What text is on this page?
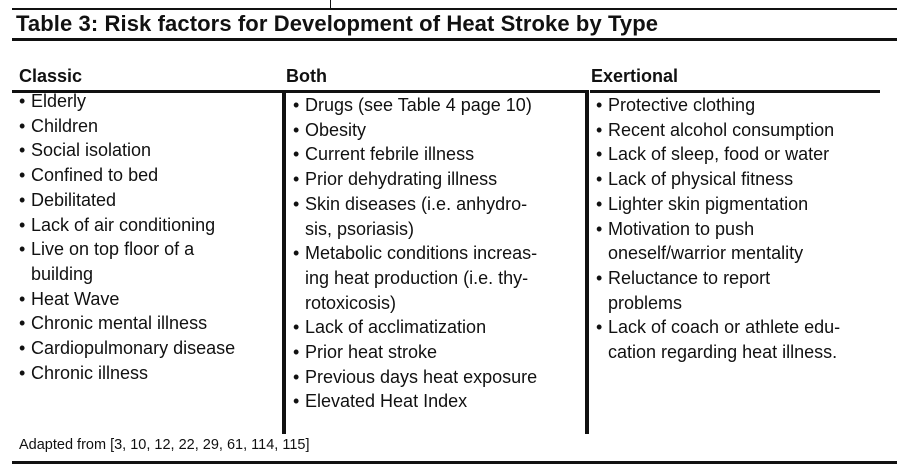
Table 3: Risk factors for Development of Heat Stroke by Type
Classic	Both	Exertional
• Elderly
• Children
• Social isolation
• Confined to bed
• Debilitated
• Lack of air conditioning
• Live on top floor of a
building
• Heat Wave
• Chronic mental illness
• Cardiopulmonary disease
• Chronic illness
• Drugs (see Table 4 page 10)
• Obesity
• Current febrile illness
• Prior dehydrating illness
• Skin diseases (i.e. anhydro-
sis, psoriasis)
• Metabolic conditions increas-
ing heat production (i.e. thy-
rotoxicosis)
• Lack of acclimatization
• Prior heat stroke
• Previous days heat exposure
• Elevated Heat Index
• Protective clothing
• Recent alcohol consumption
• Lack of sleep, food or water
• Lack of physical fitness
• Lighter skin pigmentation
• Motivation to push
oneself/warrior mentality
• Reluctance to report
problems
• Lack of coach or athlete edu-
cation regarding heat illness.
Adapted from [3, 10, 12, 22, 29, 61, 114, 115]
